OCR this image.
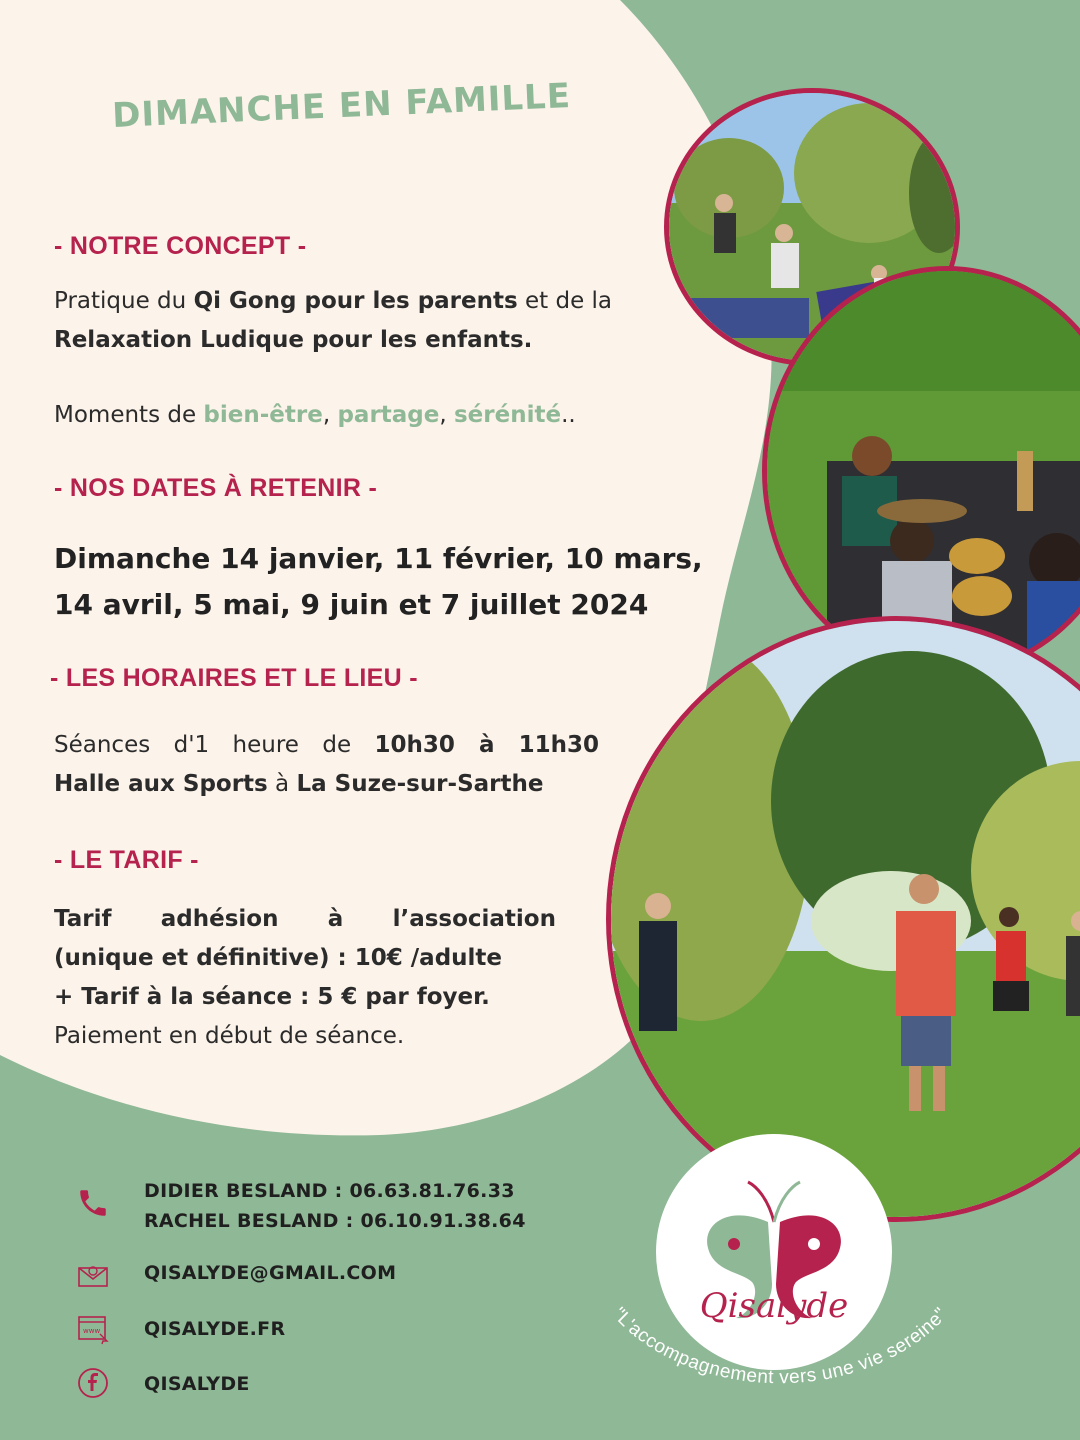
DIMANCHE EN FAMILLE
- NOTRE CONCEPT -
Pratique du Qi Gong pour les parents et de la
Relaxation Ludique pour les enfants.
Moments de bien-être, partage, sérénité..
- NOS DATES À RETENIR -
Dimanche 14 janvier, 11 février, 10 mars,
14 avril, 5 mai, 9 juin et 7 juillet 2024
- LES HORAIRES ET LE LIEU -
Séances d'1 heure de 10h30 à 11h30
Halle aux Sports à La Suze-sur-Sarthe
- LE TARIF -
Tarif adhésion à l’association
(unique et définitive) : 10€ /adulte
+ Tarif à la séance : 5 € par foyer.
Paiement en début de séance.
Qisalyde
"L'accompagnement vers une vie sereine"
DIDIER BESLAND : 06.63.81.76.33
RACHEL BESLAND : 06.10.91.38.64
QISALYDE@GMAIL.COM
www QISALYDE.FR
QISALYDE
